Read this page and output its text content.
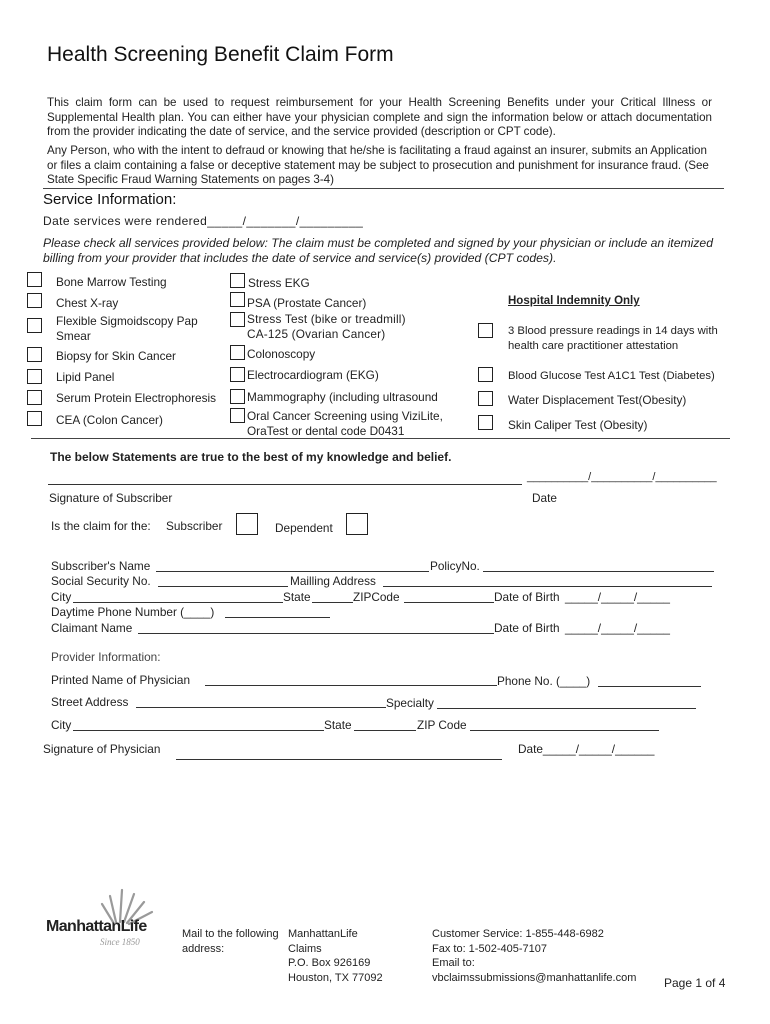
Health Screening Benefit Claim Form
This claim form can be used to request reimbursement for your Health Screening Benefits under your Critical Illness or Supplemental Health plan. You can either have your physician complete and sign the information below or attach documentation from the provider indicating the date of service, and the service provided (description or CPT code).
Any Person, who with the intent to defraud or knowing that he/she is facilitating a fraud against an insurer, submits an Application or files a claim containing a false or deceptive statement may be subject to prosecution and punishment for insurance fraud. (See State Specific Fraud Warning Statements on pages 3-4)
Service Information:
Date services were rendered_____/_______/_________
Please check all services provided below: The claim must be completed and signed by your physician or include an itemized billing from your provider that includes the date of service and service(s) provided (CPT codes).
Bone Marrow Testing
Chest X-ray
Flexible Sigmoidscopy Pap Smear
Biopsy for Skin Cancer
Lipid Panel
Serum Protein Electrophoresis
CEA (Colon Cancer)
Stress EKG
PSA (Prostate Cancer)
Stress Test (bike or treadmill) CA-125 (Ovarian Cancer)
Colonoscopy
Electrocardiogram (EKG)
Mammography (including ultrasound
Oral Cancer Screening using ViziLite, OraTest or dental code D0431
Hospital Indemnity Only
3 Blood pressure readings in 14 days with health care practitioner attestation
Blood Glucose Test A1C1 Test (Diabetes)
Water Displacement Test(Obesity)
Skin Caliper Test (Obesity)
The below Statements are true to the best of my knowledge and belief.
__________/__________/__________
Signature of Subscriber	Date
Is the claim for the: Subscriber	Dependent
Subscriber's Name	PolicyNo.
Social Security No.	Mailling Address
City	State	ZIPCode	Date of Birth _____/_____/_____
Daytime Phone Number (____)
Claimant Name	Date of Birth _____/_____/_____
Provider Information:
Printed Name of Physician	Phone No. (____)
Street Address	Specialty
City	State	ZIP Code
Signature of Physician	Date_____/_____/______
ManhattanLife
Since 1850
Mail to the following address:
ManhattanLife
Claims
P.O. Box 926169
Houston, TX 77092
Customer Service: 1-855-448-6982
Fax to: 1-502-405-7107
Email to:
vbclaimssubmissions@manhattanlife.com Page 1 of 4
